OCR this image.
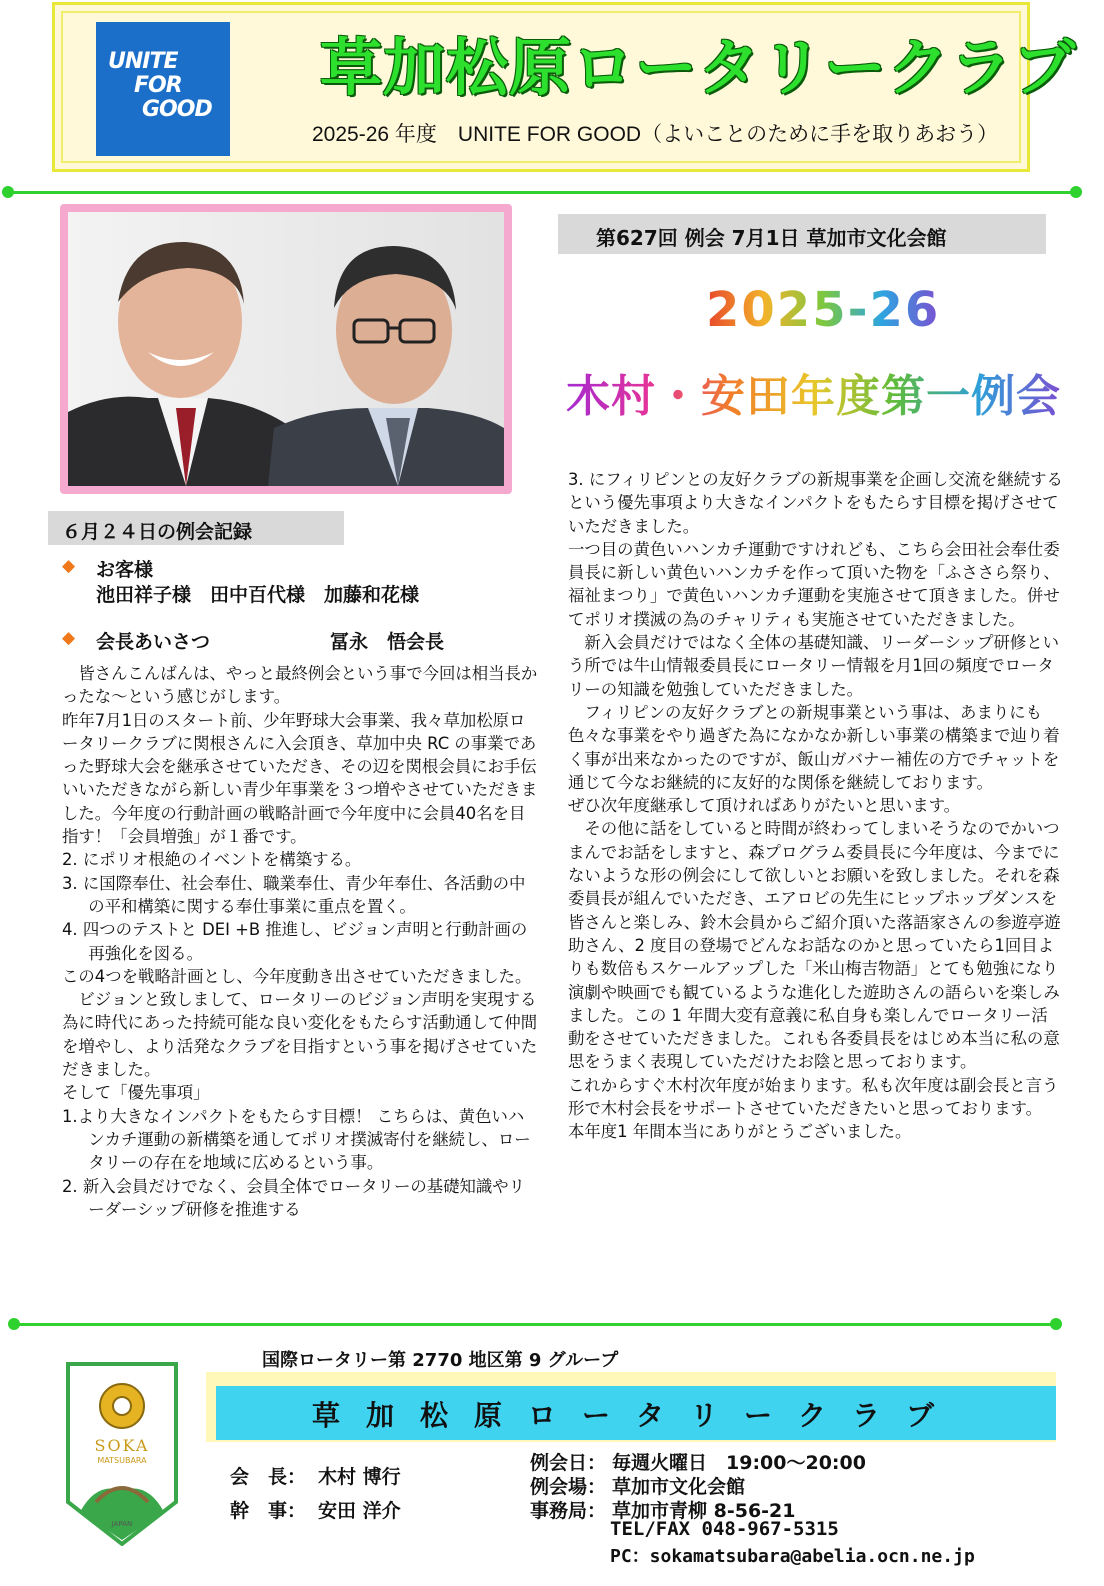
UNITE
FOR
GOOD
草加松原ロータリークラブ
2025-26 年度　UNITE FOR GOOD（よいことのために手を取りあおう）
第627回 例会 7月1日 草加市文化会館
2025-26
木村・安田年度第一例会
６月２４日の例会記録
◆ お客様
池田祥子様　田中百代様　加藤和花様
◆ 会長あいさつ	冨永　悟会長

皆さんこんばんは、やっと最終例会という事で今回は相当長かったな～という感じがします。

昨年7月1日のスタート前、少年野球大会事業、我々草加松原ロータリークラブに関根さんに入会頂き、草加中央 RC の事業であった野球大会を継承させていただき、その辺を関根会員にお手伝いいただきながら新しい青少年事業を３つ増やさせていただきました。今年度の行動計画の戦略計画で今年度中に会員40名を目指す！「会員増強」が１番です。

2. にポリオ根絶のイベントを構築する。

3. に国際奉仕、社会奉仕、職業奉仕、青少年奉仕、各活動の中の平和構築に関する奉仕事業に重点を置く。

4. 四つのテストと DEI +B 推進し、ビジョン声明と行動計画の再強化を図る。

この4つを戦略計画とし、今年度動き出させていただきました。

ビジョンと致しまして、ロータリーのビジョン声明を実現する為に時代にあった持続可能な良い変化をもたらす活動通して仲間を増やし、より活発なクラブを目指すという事を掲げさせていただきました。

そして「優先事項」

1.より大きなインパクトをもたらす目標！ こちらは、黄色いハンカチ運動の新構築を通してポリオ撲滅寄付を継続し、ロータリーの存在を地域に広めるという事。

2. 新入会員だけでなく、会員全体でロータリーの基礎知識やリーダーシップ研修を推進する

3. にフィリピンとの友好クラブの新規事業を企画し交流を継続する

という優先事項より大きなインパクトをもたらす目標を掲げさせていただきました。

一つ目の黄色いハンカチ運動ですけれども、こちら会田社会奉仕委員長に新しい黄色いハンカチを作って頂いた物を「ふささら祭り、福祉まつり」で黄色いハンカチ運動を実施させて頂きました。併せてポリオ撲滅の為のチャリティも実施させていただきました。

新入会員だけではなく全体の基礎知識、リーダーシップ研修という所では牛山情報委員長にロータリー情報を月1回の頻度でロータリーの知識を勉強していただきました。

フィリピンの友好クラブとの新規事業という事は、あまりにも色々な事業をやり過ぎた為になかなか新しい事業の構築まで辿り着く事が出来なかったのですが、飯山ガバナー補佐の方でチャットを通じて今なお継続的に友好的な関係を継続しております。

ぜひ次年度継承して頂ければありがたいと思います。

その他に話をしていると時間が終わってしまいそうなのでかいつまんでお話をしますと、森プログラム委員長に今年度は、今までにないような形の例会にして欲しいとお願いを致しました。それを森委員長が組んでいただき、エアロビの先生にヒップホップダンスを皆さんと楽しみ、鈴木会員からご紹介頂いた落語家さんの参遊亭遊助さん、2 度目の登場でどんなお話なのかと思っていたら1回目よりも数倍もスケールアップした「米山梅吉物語」とても勉強になり演劇や映画でも観ているような進化した遊助さんの語らいを楽しみました。この 1 年間大変有意義に私自身も楽しんでロータリー活動をさせていただきました。これも各委員長をはじめ本当に私の意思をうまく表現していただけたお陰と思っております。

これからすぐ木村次年度が始まります。私も次年度は副会長と言う形で木村会長をサポートさせていただきたいと思っております。

本年度1 年間本当にありがとうございました。

SOKA
MATSUBARA
JAPAN
国際ロータリー第 2770 地区第 9 グループ
草加松原ロータリークラブ
会　長： 木村 博行
幹　事： 安田 洋介
例会日： 毎週火曜日　19:00～20:00
例会場： 草加市文化会館
事務局： 草加市青柳 8-56-21
TEL/FAX 048-967-5315
PC：sokamatsubara@abelia.ocn.ne.jp
